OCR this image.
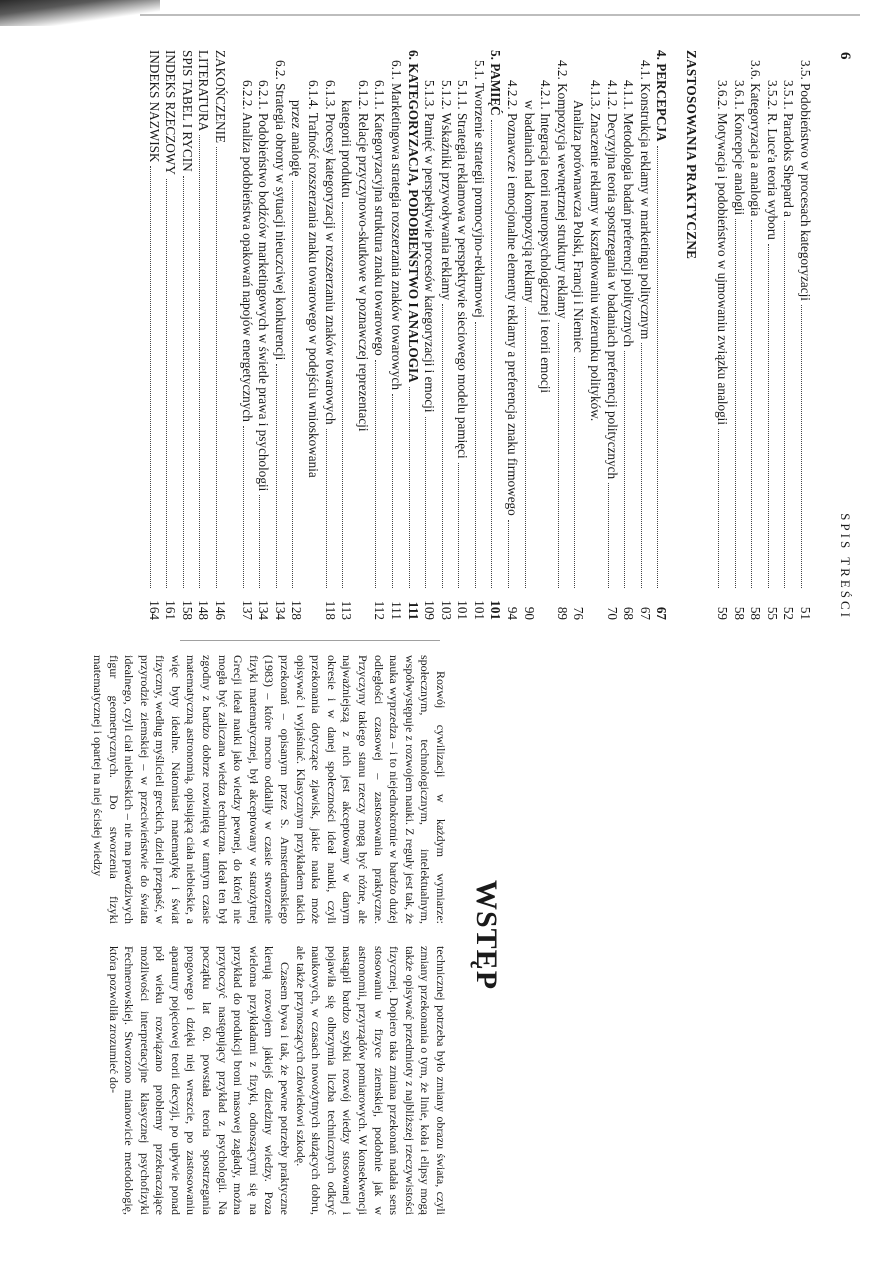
6
SPIS TREŚCI
3.5. Podobieństwo w procesach kategoryzacji
51
3.5.1. Paradoks Shepard a
52
3.5.2. R. Luce'a teoria wyboru
55
3.6. Kategoryzacja a analogia
58
3.6.1. Koncepcje analogii
58
3.6.2. Motywacja i podobieństwo w ujmowaniu związku analogii
59
ZASTOSOWANIA PRAKTYCZNE
4. PERCEPCJA
67
4.1. Konstrukcja reklamy w marketingu politycznym
67
4.1.1. Metodologia badań preferencji politycznych
68
4.1.2. Decyzyjna teoria spostrzegania w badaniach preferencji politycznych
70
4.1.3. Znaczenie reklamy w kształtowaniu wizerunku polityków.
Analiza porównawcza Polski, Francji i Niemiec
76
4.2. Kompozycja wewnętrznej struktury reklamy
89
4.2.1. Integracja teorii neuropsychologicznej i teorii emocji
w badaniach nad kompozycją reklamy
90
4.2.2. Poznawcze i emocjonalne elementy reklamy a preferencja znaku firmowego
94
5. PAMIĘĆ
101
5.1. Tworzenie strategii promocyjno-reklamowej
101
5.1.1. Strategia reklamowa w perspektywie sieciowego modelu pamięci
101
5.1.2. Wskaźniki przywoływania reklamy
103
5.1.3. Pamięć w perspektywie procesów kategoryzacji i emocji
109
6. KATEGORYZACJA, PODOBIEŃSTWO I ANALOGIA
111
6.1. Marketingowa strategia rozszerzania znaków towarowych
111
6.1.1. Kategoryzacyjna struktura znaku towarowego
112
6.1.2. Relacje przyczynowo-skutkowe w poznawczej reprezentacji
kategorii produktu
113
6.1.3. Procesy kategoryzacji w rozszerzaniu znaków towarowych
118
6.1.4. Trafność rozszerzania znaku towarowego w podejściu wnioskowania
przez analogię
128
6.2. Strategia obrony w sytuacji nieuczciwej konkurencji
134
6.2.1. Podobieństwo bodźców marketingowych w świetle prawa i psychologii
134
6.2.2. Analiza podobieństwa opakowań napojów energetycznych
137
ZAKOŃCZENIE
146
LITERATURA
148
SPIS TABEL I RYCIN
158
INDEKS RZECZOWY
161
INDEKS NAZWISK
164
WSTĘP

Rozwój cywilizacji w każdym wymiarze: społecznym, technologicznym, intelektualnym, współwystępuje z rozwojem nauki. Z reguły jest tak, że nauka wyprzedza – i to niejednokrotnie w bardzo dużej odległości czasowej – zastosowania praktyczne. Przyczyny takiego stanu rzeczy mogą być różne, ale najważniejszą z nich jest akceptowany w danym okresie i w danej społeczności ideał nauki, czyli przekonania dotyczące zjawisk, jakie nauka może opisywać i wyjaśniać. Klasycznym przykładem takich przekonań – opisanym przez S. Amsterdamskiego (1983) – które mocno oddaliły w czasie stworzenie fizyki matematycznej, był akceptowany w starożytnej Grecji ideał nauki jako wiedzy pewnej, do której nie mogła być zaliczana wiedza techniczna. Ideał ten był zgodny z bardzo dobrze rozwiniętą w tamtym czasie matematyczną astronomią, opisującą ciała niebieskie, a więc byty idealne. Natomiast matematykę i świat fizyczny, według myślicieli greckich, dzieli przepaść, w przyrodzie ziemskiej – w przeciwieństwie do świata idealnego, czyli ciał niebieskich – nie ma prawdziwych figur geometrycznych. Do stworzenia fizyki matematycznej i opartej na niej ścisłej wiedzy

technicznej potrzeba było zmiany obrazu świata, czyli zmiany przekonania o tym, że linie, koła i elipsy mogą także opisywać przedmioty z najbliższej rzeczywistości fizycznej. Dopiero taka zmiana przekonań nadała sens stosowaniu w fizyce ziemskiej, podobnie jak w astronomii, przyrządów pomiarowych. W konsekwencji nastąpił bardzo szybki rozwój wiedzy stosowanej i pojawiła się olbrzymia liczba technicznych odkryć naukowych, w czasach nowożytnych służących dobru, ale także przynoszących człowiekowi szkodę.

Czasem bywa i tak, że pewne potrzeby praktyczne kierują rozwojem jakiejś dziedziny wiedzy. Poza wieloma przykładami z fizyki, odnoszącymi się na przykład do produkcji broni masowej zagłady, można przytoczyć następujący przykład z psychologii. Na początku lat 60. powstała teoria spostrzegania progowego i dzięki niej wreszcie, po zastosowaniu aparatury pojęciowej teorii decyzji, po upływie ponad pół wieku rozwiązano problemy przekraczające możliwości interpretacyjne klasycznej psychofizyki Fechnerowskiej. Stworzono mianowicie metodologię, która pozwoliła zrozumieć do-
